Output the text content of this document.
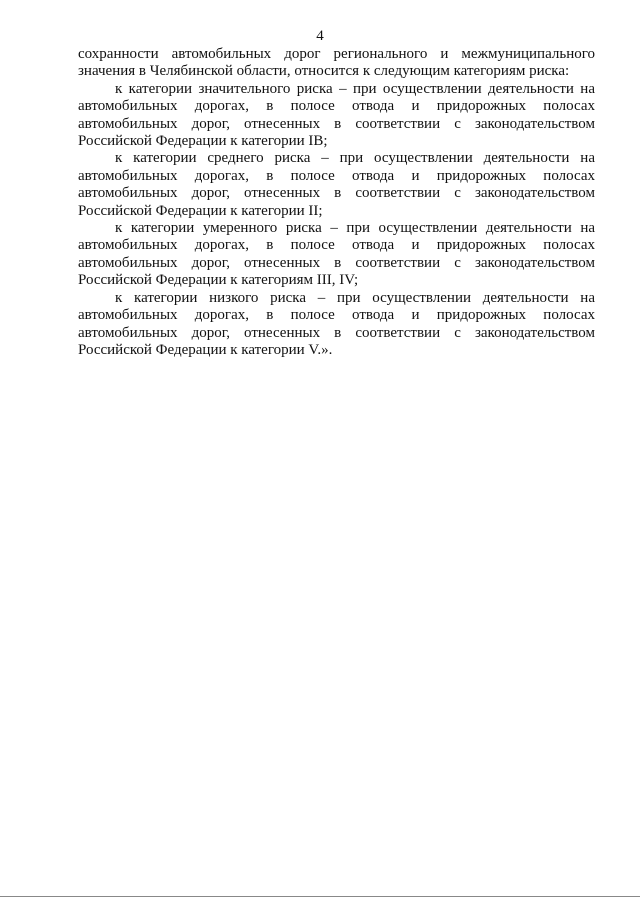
4

сохранности автомобильных дорог регионального и межмуниципального значения в Челябинской области, относится к следующим категориям риска:

к категории значительного риска – при осуществлении деятельности на автомобильных дорогах, в полосе отвода и придорожных полосах автомобильных дорог, отнесенных в соответствии с законодательством Российской Федерации к категории IВ;

к категории среднего риска – при осуществлении деятельности на автомобильных дорогах, в полосе отвода и придорожных полосах автомобильных дорог, отнесенных в соответствии с законодательством Российской Федерации к категории II;

к категории умеренного риска – при осуществлении деятельности на автомобильных дорогах, в полосе отвода и придорожных полосах автомобильных дорог, отнесенных в соответствии с законодательством Российской Федерации к категориям III, IV;

к категории низкого риска – при осуществлении деятельности на автомобильных дорогах, в полосе отвода и придорожных полосах автомобильных дорог, отнесенных в соответствии с законодательством Российской Федерации к категории V.».
